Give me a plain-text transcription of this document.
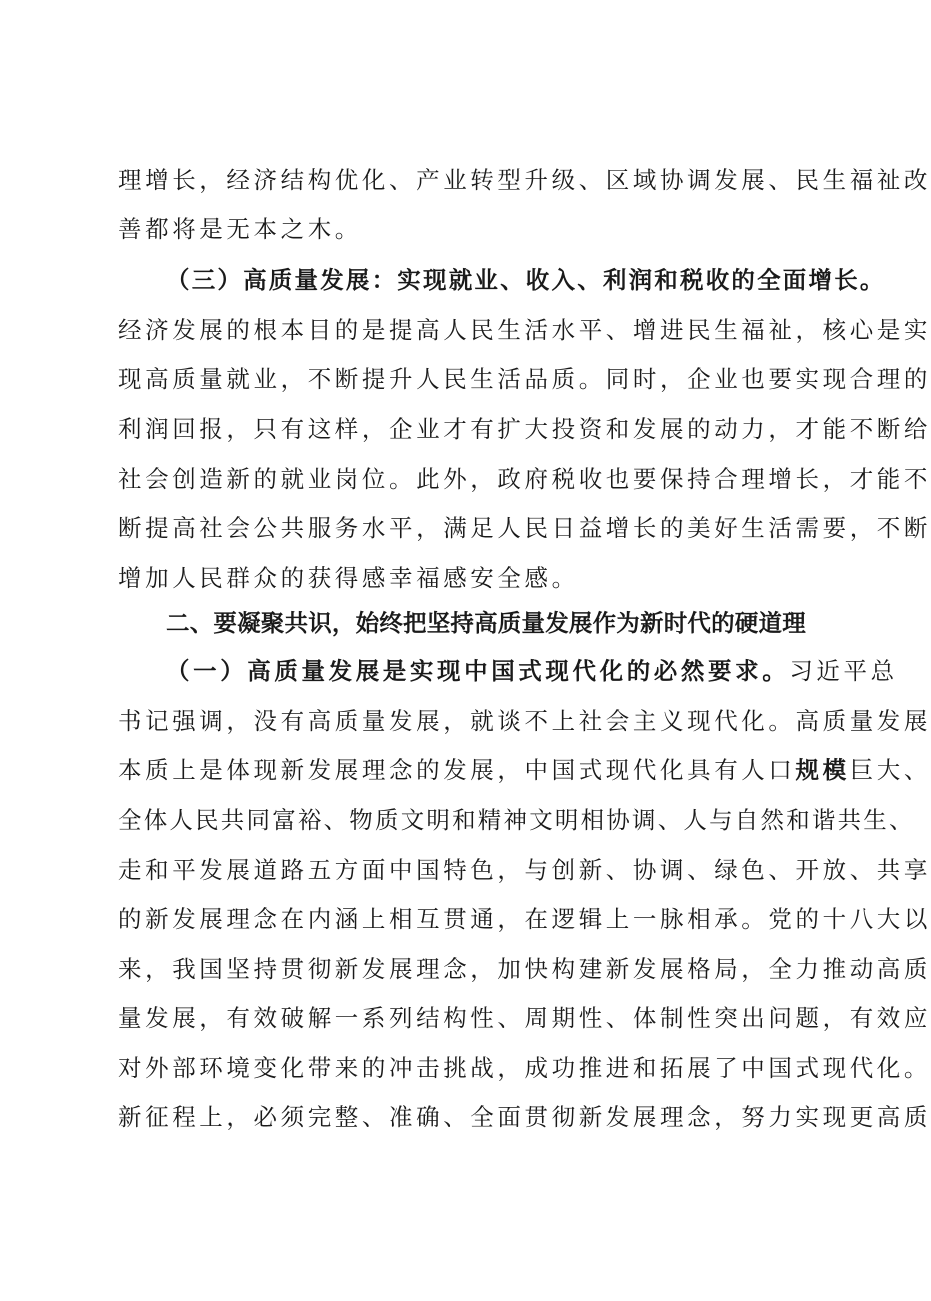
理增长，经济结构优化、产业转型升级、区域协调发展、民生福祉改
善都将是无本之木。
（三）高质量发展：实现就业、收入、利润和税收的全面增长。
经济发展的根本目的是提高人民生活水平、增进民生福祉，核心是实
现高质量就业，不断提升人民生活品质。同时，企业也要实现合理的
利润回报，只有这样，企业才有扩大投资和发展的动力，才能不断给
社会创造新的就业岗位。此外，政府税收也要保持合理增长，才能不
断提高社会公共服务水平，满足人民日益增长的美好生活需要，不断
增加人民群众的获得感幸福感安全感。
二、要凝聚共识，始终把坚持高质量发展作为新时代的硬道理
（一）高质量发展是实现中国式现代化的必然要求。习近平总
书记强调，没有高质量发展，就谈不上社会主义现代化。高质量发展
本质上是体现新发展理念的发展，中国式现代化具有人口规模巨大、
全体人民共同富裕、物质文明和精神文明相协调、人与自然和谐共生、
走和平发展道路五方面中国特色，与创新、协调、绿色、开放、共享
的新发展理念在内涵上相互贯通，在逻辑上一脉相承。党的十八大以
来，我国坚持贯彻新发展理念，加快构建新发展格局，全力推动高质
量发展，有效破解一系列结构性、周期性、体制性突出问题，有效应
对外部环境变化带来的冲击挑战，成功推进和拓展了中国式现代化。
新征程上，必须完整、准确、全面贯彻新发展理念，努力实现更高质
